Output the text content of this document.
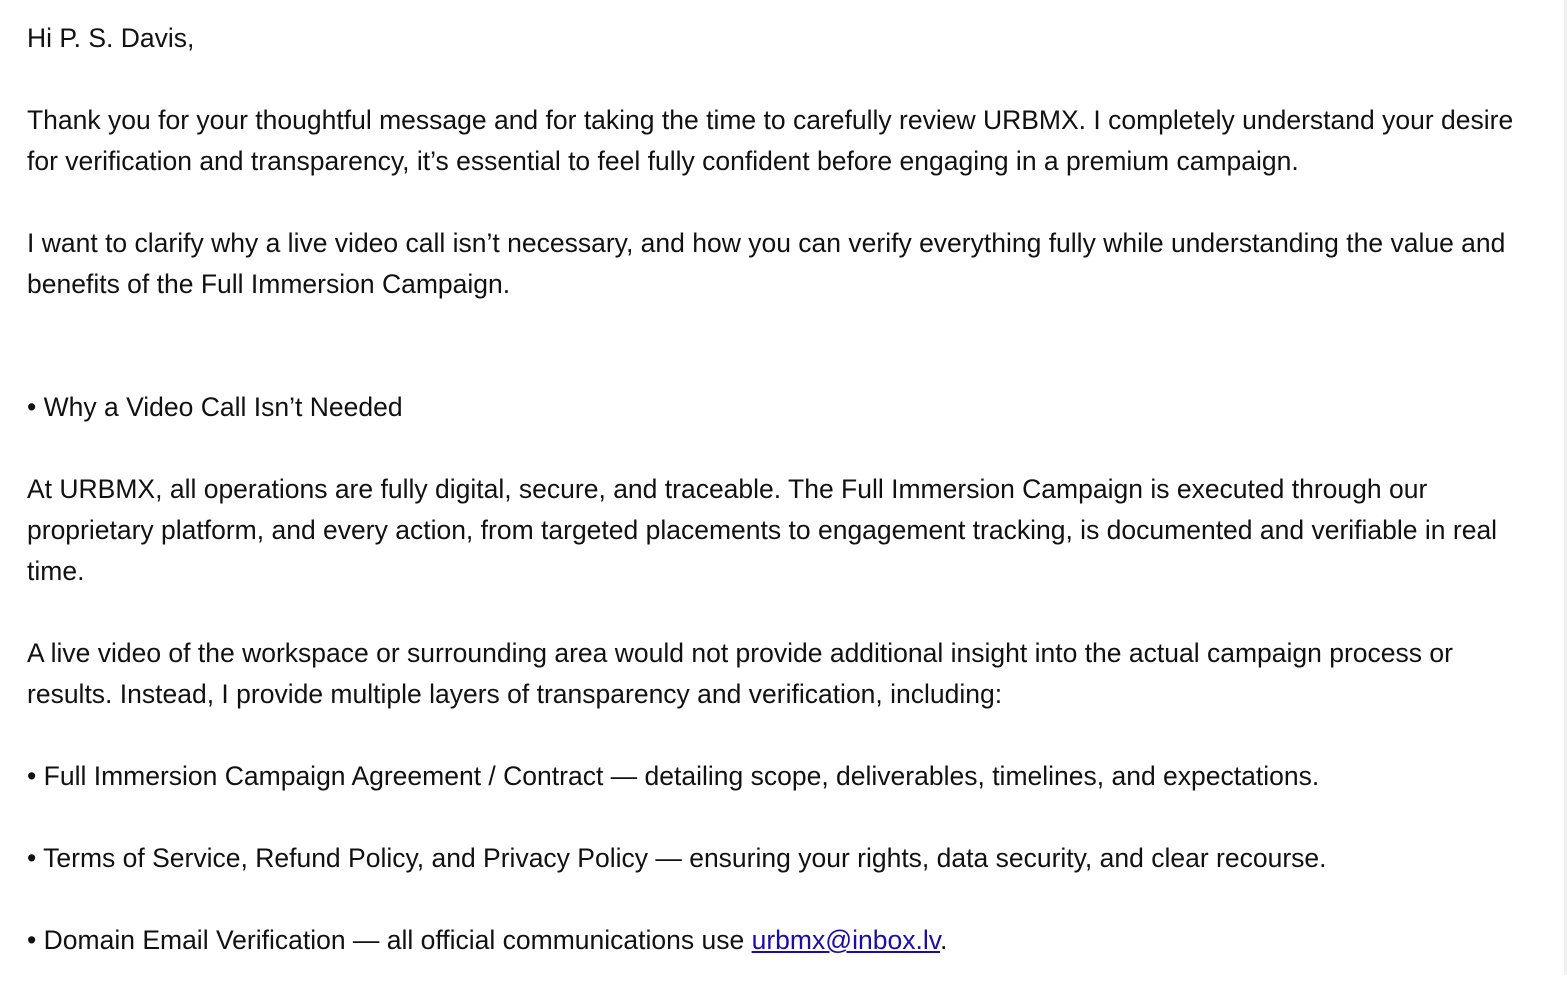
Hi P. S. Davis,

Thank you for your thoughtful message and for taking the time to carefully review URBMX. I completely understand your desire for verification and transparency, it’s essential to feel fully confident before engaging in a premium campaign.

I want to clarify why a live video call isn’t necessary, and how you can verify everything fully while understanding the value and benefits of the Full Immersion Campaign.

• Why a Video Call Isn’t Needed

At URBMX, all operations are fully digital, secure, and traceable. The Full Immersion Campaign is executed through our proprietary platform, and every action, from targeted placements to engagement tracking, is documented and verifiable in real time.

A live video of the workspace or surrounding area would not provide additional insight into the actual campaign process or results. Instead, I provide multiple layers of transparency and verification, including:

• Full Immersion Campaign Agreement / Contract — detailing scope, deliverables, timelines, and expectations.

• Terms of Service, Refund Policy, and Privacy Policy — ensuring your rights, data security, and clear recourse.

• Domain Email Verification — all official communications use urbmx@inbox.lv.
